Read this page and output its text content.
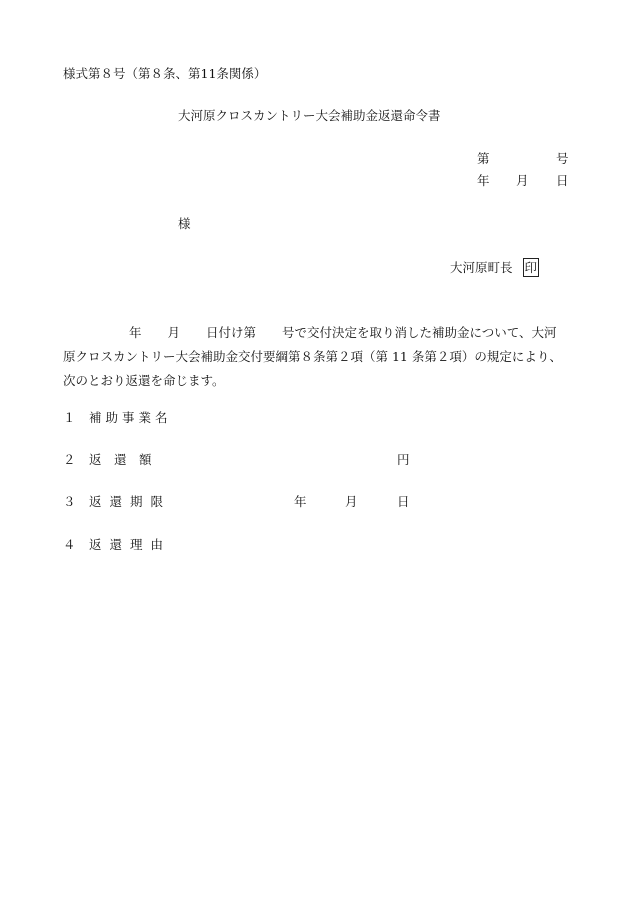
様式第８号（第８条、第11条関係）
大河原クロスカントリー大会補助金返還命令書
第	号
年 月 日
様
大河原町長 印
年 月 日付け第 号で交付決定を取り消した補助金について、大河
原クロスカントリー大会補助金交付要綱第８条第２項（第 11 条第２項）の規定により、
次のとおり返還を命じます。
１ 補助事業名
２ 返　還　額	円
３ 返還期限	年	月	日
４ 返還理由
